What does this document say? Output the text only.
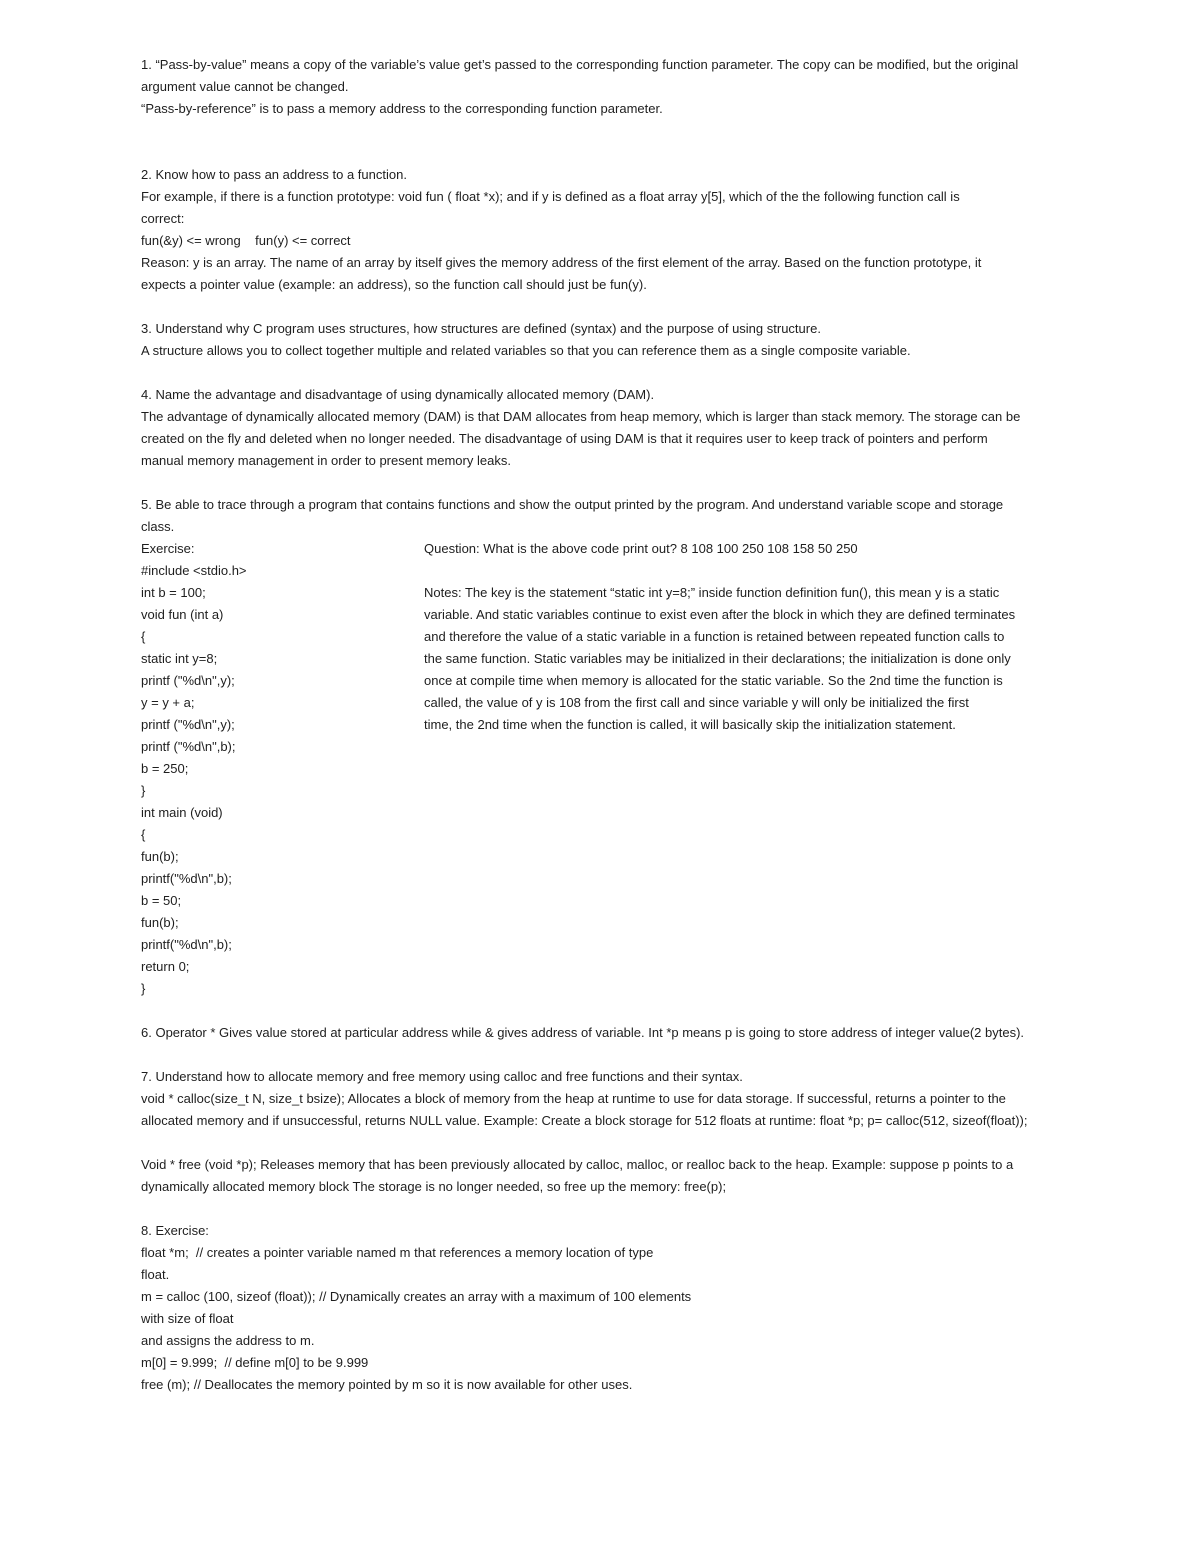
1. “Pass-by-value” means a copy of the variable’s value get’s passed to the corresponding function parameter. The copy can be modified, but the original
argument value cannot be changed.
“Pass-by-reference” is to pass a memory address to the corresponding function parameter.
2. Know how to pass an address to a function.
For example, if there is a function prototype: void fun ( float *x); and if y is defined as a float array y[5], which of the the following function call is
correct:
fun(&y) <= wrong    fun(y) <= correct
Reason: y is an array. The name of an array by itself gives the memory address of the first element of the array. Based on the function prototype, it
expects a pointer value (example: an address), so the function call should just be fun(y).
3. Understand why C program uses structures, how structures are defined (syntax) and the purpose of using structure.
A structure allows you to collect together multiple and related variables so that you can reference them as a single composite variable.
4. Name the advantage and disadvantage of using dynamically allocated memory (DAM).
The advantage of dynamically allocated memory (DAM) is that DAM allocates from heap memory, which is larger than stack memory. The storage can be
created on the fly and deleted when no longer needed. The disadvantage of using DAM is that it requires user to keep track of pointers and perform
manual memory management in order to present memory leaks.
5. Be able to trace through a program that contains functions and show the output printed by the program. And understand variable scope and storage
class.
Exercise:
#include <stdio.h>
int b = 100;
void fun (int a)
{
static int y=8;
printf ("%d\n",y);
y = y + a;
printf ("%d\n",y);
printf ("%d\n",b);
b = 250;
}
int main (void)
{
fun(b);
printf("%d\n",b);
b = 50;
fun(b);
printf("%d\n",b);
return 0;
}
Question: What is the above code print out? 8 108 100 250 108 158 50 250
Notes: The key is the statement “static int y=8;” inside function definition fun(), this mean y is a static
variable. And static variables continue to exist even after the block in which they are defined terminates
and therefore the value of a static variable in a function is retained between repeated function calls to
the same function. Static variables may be initialized in their declarations; the initialization is done only
once at compile time when memory is allocated for the static variable. So the 2nd time the function is
called, the value of y is 108 from the first call and since variable y will only be initialized the first
time, the 2nd time when the function is called, it will basically skip the initialization statement.
6. Operator * Gives value stored at particular address while & gives address of variable. Int *p means p is going to store address of integer value(2 bytes).
7. Understand how to allocate memory and free memory using calloc and free functions and their syntax.
void * calloc(size_t N, size_t bsize); Allocates a block of memory from the heap at runtime to use for data storage. If successful, returns a pointer to the
allocated memory and if unsuccessful, returns NULL value. Example: Create a block storage for 512 floats at runtime: float *p; p= calloc(512, sizeof(float));
Void * free (void *p); Releases memory that has been previously allocated by calloc, malloc, or realloc back to the heap. Example: suppose p points to a
dynamically allocated memory block The storage is no longer needed, so free up the memory: free(p);
8. Exercise:
float *m;  // creates a pointer variable named m that references a memory location of type
float.
m = calloc (100, sizeof (float)); // Dynamically creates an array with a maximum of 100 elements
with size of float
and assigns the address to m.
m[0] = 9.999;  // define m[0] to be 9.999
free (m); // Deallocates the memory pointed by m so it is now available for other uses.
